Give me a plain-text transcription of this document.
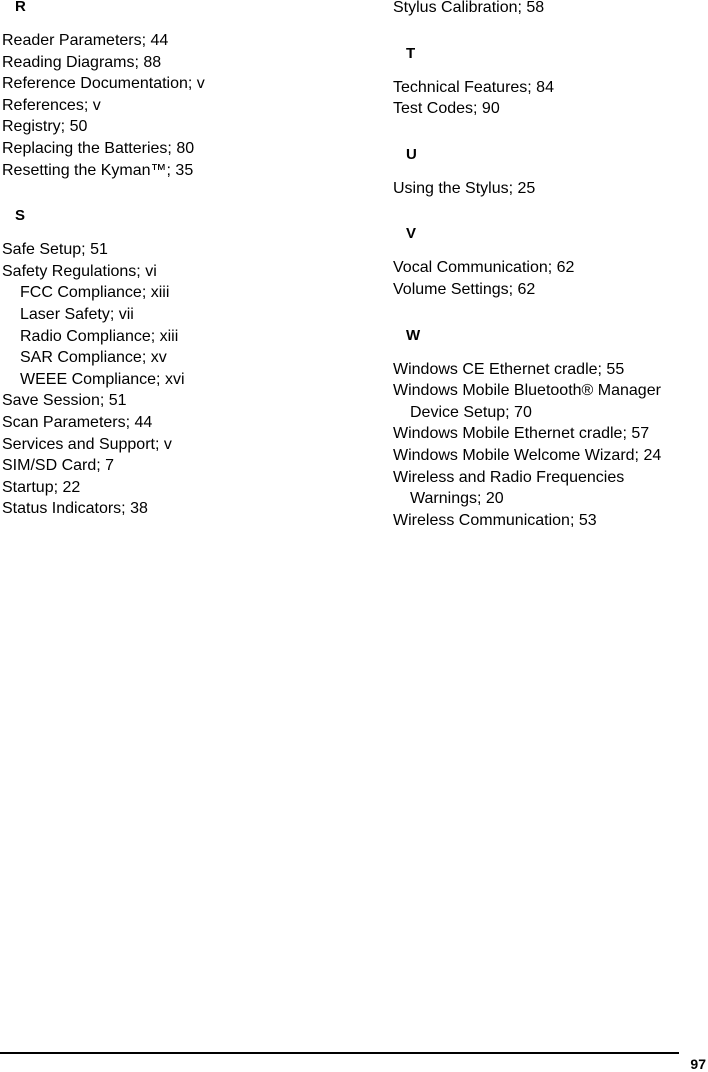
R

Reader Parameters; 44

Reading Diagrams; 88

Reference Documentation; v

References; v

Registry; 50

Replacing the Batteries; 80

Resetting the Kyman™; 35

S

Safe Setup; 51

Safety Regulations; vi

FCC Compliance; xiii

Laser Safety; vii

Radio Compliance; xiii

SAR Compliance; xv

WEEE Compliance; xvi

Save Session; 51

Scan Parameters; 44

Services and Support; v

SIM/SD Card; 7

Startup; 22

Status Indicators; 38

Stylus Calibration; 58

T

Technical Features; 84

Test Codes; 90

U

Using the Stylus; 25

V

Vocal Communication; 62

Volume Settings; 62

W

Windows CE Ethernet cradle; 55

Windows Mobile Bluetooth® Manager

Device Setup; 70

Windows Mobile Ethernet cradle; 57

Windows Mobile Welcome Wizard; 24

Wireless and Radio Frequencies

Warnings; 20

Wireless Communication; 53

97
